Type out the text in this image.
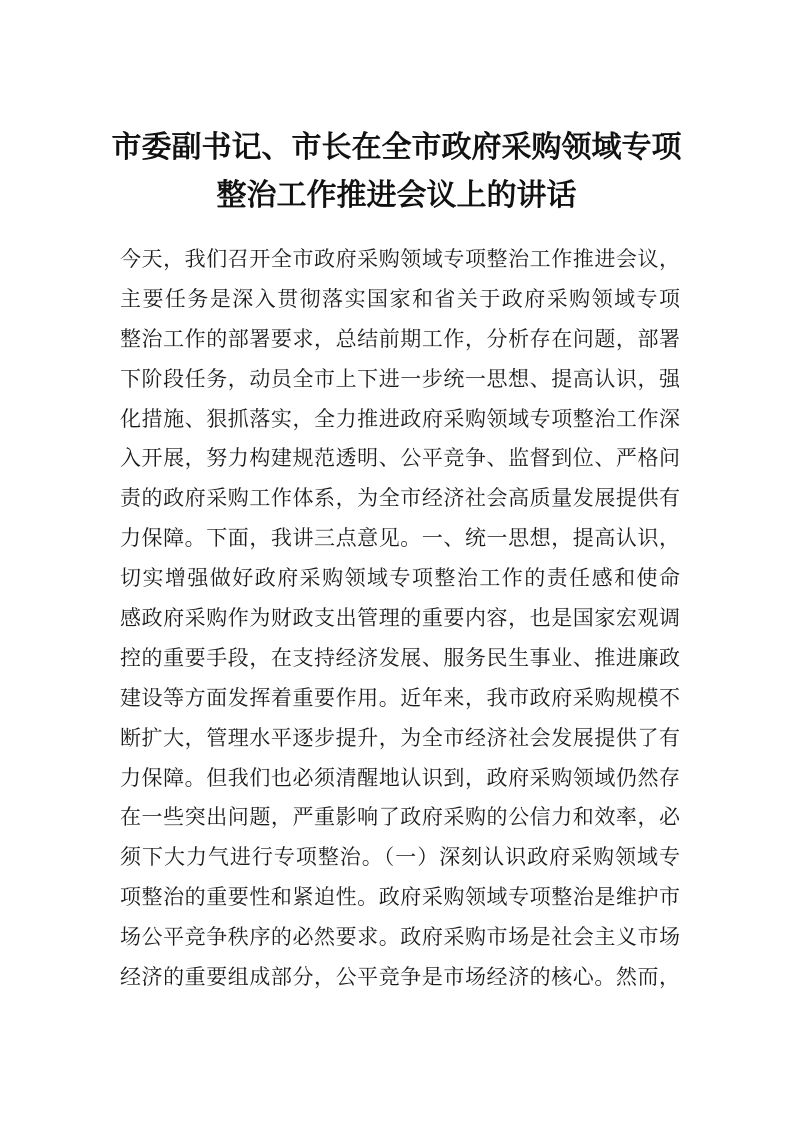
市委副书记、市长在全市政府采购领域专项
整治工作推进会议上的讲话
今天，我们召开全市政府采购领域专项整治工作推进会议，
主要任务是深入贯彻落实国家和省关于政府采购领域专项
整治工作的部署要求，总结前期工作，分析存在问题，部署
下阶段任务，动员全市上下进一步统一思想、提高认识，强
化措施、狠抓落实，全力推进政府采购领域专项整治工作深
入开展，努力构建规范透明、公平竞争、监督到位、严格问
责的政府采购工作体系，为全市经济社会高质量发展提供有
力保障。下面，我讲三点意见。一、统一思想，提高认识，
切实增强做好政府采购领域专项整治工作的责任感和使命
感政府采购作为财政支出管理的重要内容，也是国家宏观调
控的重要手段，在支持经济发展、服务民生事业、推进廉政
建设等方面发挥着重要作用。近年来，我市政府采购规模不
断扩大，管理水平逐步提升，为全市经济社会发展提供了有
力保障。但我们也必须清醒地认识到，政府采购领域仍然存
在一些突出问题，严重影响了政府采购的公信力和效率，必
须下大力气进行专项整治。（一）深刻认识政府采购领域专
项整治的重要性和紧迫性。政府采购领域专项整治是维护市
场公平竞争秩序的必然要求。政府采购市场是社会主义市场
经济的重要组成部分，公平竞争是市场经济的核心。然而，
